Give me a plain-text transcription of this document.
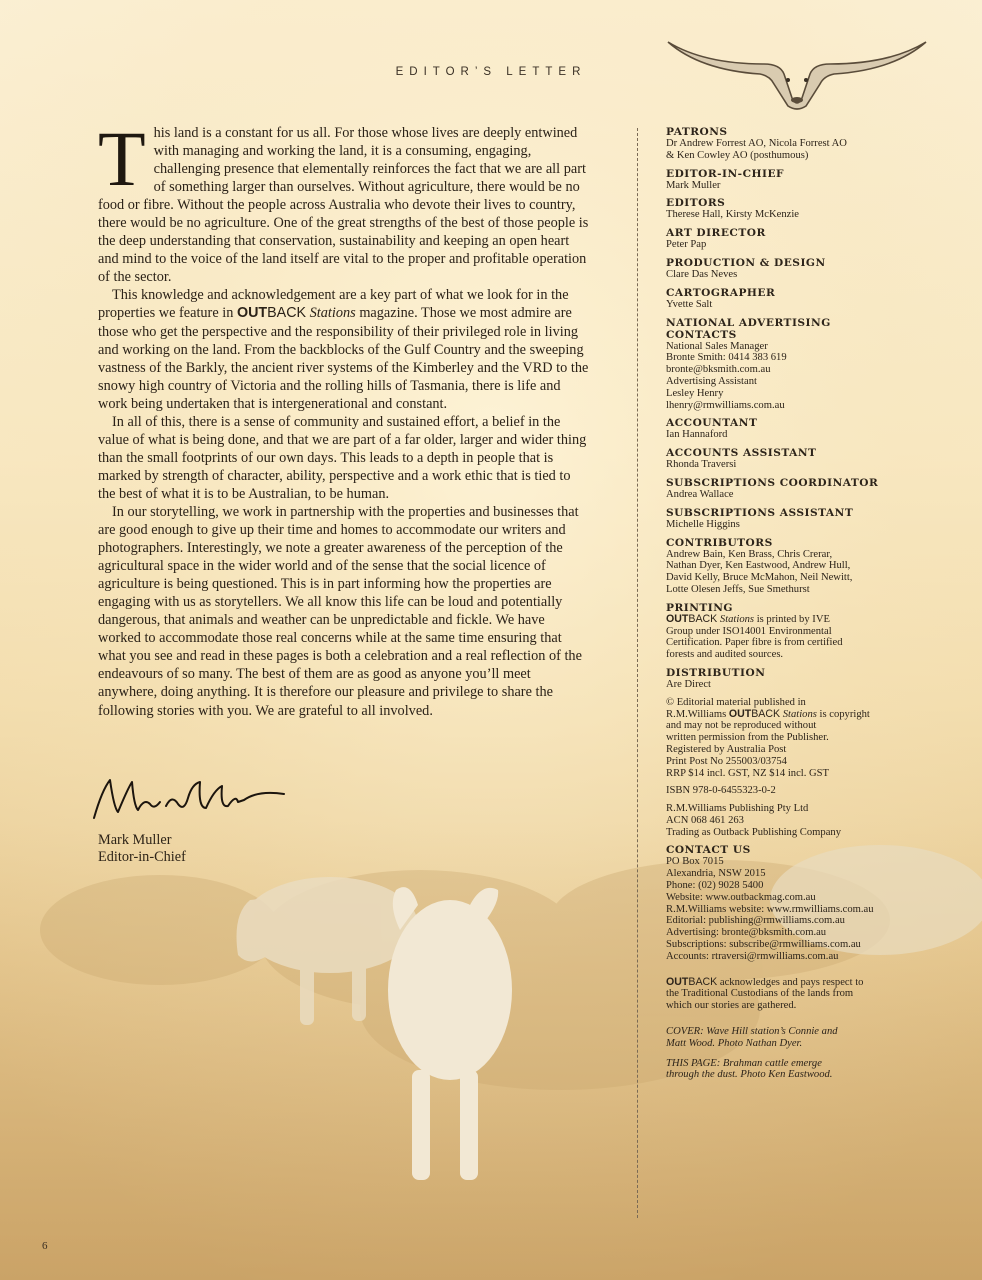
EDITOR’S LETTER

This land is a constant for us all. For those whose lives are deeply entwined with managing and working the land, it is a consuming, engaging, challenging presence that elementally reinforces the fact that we are all part of something larger than ourselves. Without agriculture, there would be no food or fibre. Without the people across Australia who devote their lives to country, there would be no agriculture. One of the great strengths of the best of those people is the deep understanding that conservation, sustainability and keeping an open heart and mind to the voice of the land itself are vital to the proper and profitable operation of the sector.

This knowledge and acknowledgement are a key part of what we look for in the properties we feature in OUTBACK Stations magazine. Those we most admire are those who get the perspective and the responsibility of their privileged role in living and working on the land. From the backblocks of the Gulf Country and the sweeping vastness of the Barkly, the ancient river systems of the Kimberley and the VRD to the snowy high country of Victoria and the rolling hills of Tasmania, there is life and work being undertaken that is intergenerational and constant.

In all of this, there is a sense of community and sustained effort, a belief in the value of what is being done, and that we are part of a far older, larger and wider thing than the small footprints of our own days. This leads to a depth in people that is marked by strength of character, ability, perspective and a work ethic that is tied to the best of what it is to be Australian, to be human.

In our storytelling, we work in partnership with the properties and businesses that are good enough to give up their time and homes to accommodate our writers and photographers. Interestingly, we note a greater awareness of the perception of the agricultural space in the wider world and of the sense that the social licence of agriculture is being questioned. This is in part informing how the properties are engaging with us as storytellers. We all know this life can be loud and potentially dangerous, that animals and weather can be unpredictable and fickle. We have worked to accommodate those real concerns while at the same time ensuring that what you see and read in these pages is both a celebration and a real reflection of the endeavours of so many. The best of them are as good as anyone you’ll meet anywhere, doing anything. It is therefore our pleasure and privilege to share the following stories with you. We are grateful to all involved.

Mark Muller
Editor-in-Chief
PATRONS
Dr Andrew Forrest AO, Nicola Forrest AO
& Ken Cowley AO (posthumous)
EDITOR-IN-CHIEF
Mark Muller
EDITORS
Therese Hall, Kirsty McKenzie
ART DIRECTOR
Peter Pap
PRODUCTION & DESIGN
Clare Das Neves
CARTOGRAPHER
Yvette Salt
NATIONAL ADVERTISING
CONTACTS
National Sales Manager
Bronte Smith: 0414 383 619
bronte@bksmith.com.au
Advertising Assistant
Lesley Henry
lhenry@rmwilliams.com.au
ACCOUNTANT
Ian Hannaford
ACCOUNTS ASSISTANT
Rhonda Traversi
SUBSCRIPTIONS COORDINATOR
Andrea Wallace
SUBSCRIPTIONS ASSISTANT
Michelle Higgins
CONTRIBUTORS
Andrew Bain, Ken Brass, Chris Crerar,
Nathan Dyer, Ken Eastwood, Andrew Hull,
David Kelly, Bruce McMahon, Neil Newitt,
Lotte Olesen Jeffs, Sue Smethurst
PRINTING
OUTBACK Stations is printed by IVE
Group under ISO14001 Environmental
Certification. Paper fibre is from certified
forests and audited sources.
DISTRIBUTION
Are Direct
© Editorial material published in
R.M.Williams OUTBACK Stations is copyright
and may not be reproduced without
written permission from the Publisher.
Registered by Australia Post
Print Post No 255003/03754
RRP $14 incl. GST, NZ $14 incl. GST
ISBN 978-0-6455323-0-2
R.M.Williams Publishing Pty Ltd
ACN 068 461 263
Trading as Outback Publishing Company
CONTACT US
PO Box 7015
Alexandria, NSW 2015
Phone: (02) 9028 5400
Website: www.outbackmag.com.au
R.M.Williams website: www.rmwilliams.com.au
Editorial: publishing@rmwilliams.com.au
Advertising: bronte@bksmith.com.au
Subscriptions: subscribe@rmwilliams.com.au
Accounts: rtraversi@rmwilliams.com.au
OUTBACK acknowledges and pays respect to
the Traditional Custodians of the lands from
which our stories are gathered.
COVER: Wave Hill station’s Connie and
Matt Wood. Photo Nathan Dyer.
THIS PAGE: Brahman cattle emerge
through the dust. Photo Ken Eastwood.
6
